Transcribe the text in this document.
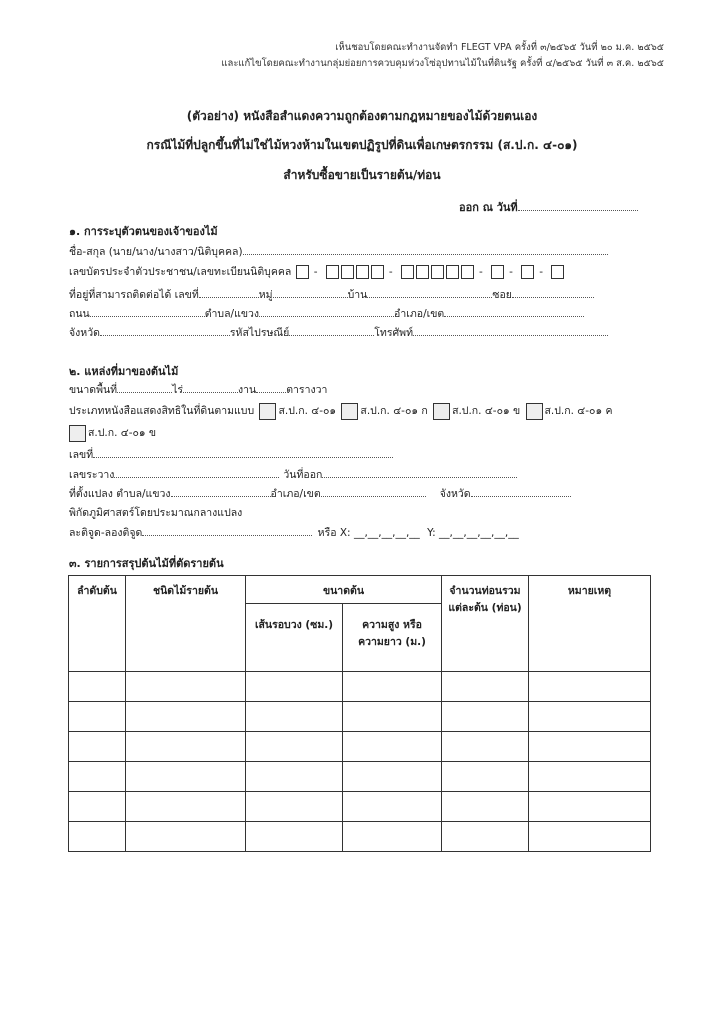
เห็นชอบโดยคณะทำงานจัดทำ FLEGT VPA ครั้งที่ ๓/๒๕๖๕ วันที่ ๒๐ ม.ค. ๒๕๖๕
และแก้ไขโดยคณะทำงานกลุ่มย่อยการควบคุมห่วงโซ่อุปทานไม้ในที่ดินรัฐ ครั้งที่ ๔/๒๕๖๕ วันที่ ๓ ส.ค. ๒๕๖๕
(ตัวอย่าง) หนังสือสำแดงความถูกต้องตามกฎหมายของไม้ด้วยตนเอง
กรณีไม้ที่ปลูกขึ้นที่ไม่ใช่ไม้หวงห้ามในเขตปฏิรูปที่ดินเพื่อเกษตรกรรม (ส.ป.ก. ๔-๐๑)
สำหรับซื้อขายเป็นรายต้น/ท่อน
ออก ณ วันที่
๑. การระบุตัวตนของเจ้าของไม้
ชื่อ-สกุล (นาย/นาง/นางสาว/นิติบุคคล)
เลขบัตรประจำตัวประชาชน/เลขทะเบียนนิติบุคคล -	-	-	-	-
ที่อยู่ที่สามารถติดต่อได้ เลขที่	หมู่	บ้าน	ซอย
ถนน	ตำบล/แขวง	อำเภอ/เขต
จังหวัด	รหัสไปรษณีย์	โทรศัพท์
๒. แหล่งที่มาของต้นไม้
ขนาดพื้นที่	ไร่	งาน	ตารางวา
ประเภทหนังสือแสดงสิทธิในที่ดินตามแบบ ส.ป.ก. ๔-๐๑ ส.ป.ก. ๔-๐๑ ก ส.ป.ก. ๔-๐๑ ข ส.ป.ก. ๔-๐๑ ค
ส.ป.ก. ๔-๐๑ ข
เลขที่
เลขระวาง	วันที่ออก
ที่ตั้งแปลง ตำบล/แขวง	อำเภอ/เขต	จังหวัด
พิกัดภูมิศาสตร์โดยประมาณกลางแปลง
ละติจูด-ลองติจูด	หรือ X: __,__,__,__,__ Y: __,__,__,__,__,__
๓. รายการสรุปต้นไม้ที่ตัดรายต้น
ลำดับต้น	ชนิดไม้รายต้น	ขนาดต้น		จำนวนท่อนรวม แต่ละต้น (ท่อน)	หมายเหตุ
		เส้นรอบวง (ซม.)	ความสูง หรือ ความยาว (ม.)		
